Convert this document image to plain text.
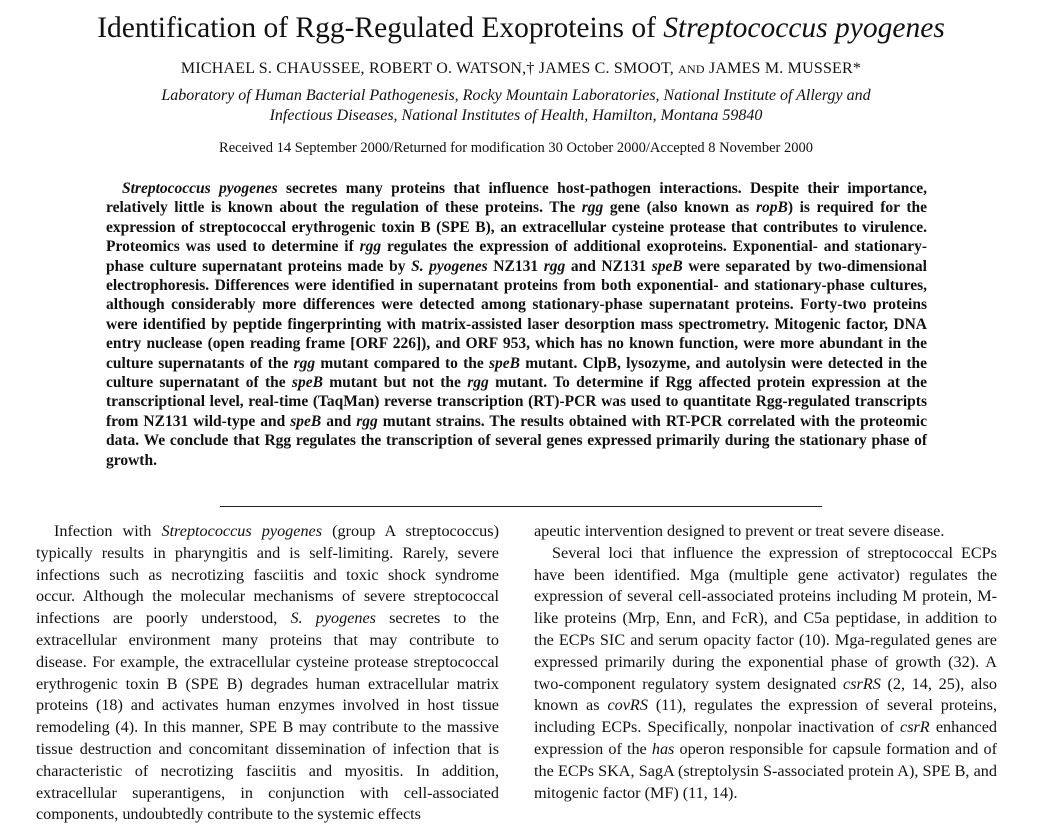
Identification of Rgg-Regulated Exoproteins of Streptococcus pyogenes
MICHAEL S. CHAUSSEE, ROBERT O. WATSON,† JAMES C. SMOOT, AND JAMES M. MUSSER*
Laboratory of Human Bacterial Pathogenesis, Rocky Mountain Laboratories, National Institute of Allergy and
Infectious Diseases, National Institutes of Health, Hamilton, Montana 59840
Received 14 September 2000/Returned for modification 30 October 2000/Accepted 8 November 2000
Streptococcus pyogenes secretes many proteins that influence host-pathogen interactions. Despite their importance, relatively little is known about the regulation of these proteins. The rgg gene (also known as ropB) is required for the expression of streptococcal erythrogenic toxin B (SPE B), an extracellular cysteine protease that contributes to virulence. Proteomics was used to determine if rgg regulates the expression of additional exoproteins. Exponential- and stationary-phase culture supernatant proteins made by S. pyogenes NZ131 rgg and NZ131 speB were separated by two-dimensional electrophoresis. Differences were identified in supernatant proteins from both exponential- and stationary-phase cultures, although considerably more differences were detected among stationary-phase supernatant proteins. Forty-two proteins were identified by peptide fingerprinting with matrix-assisted laser desorption mass spectrometry. Mitogenic factor, DNA entry nuclease (open reading frame [ORF 226]), and ORF 953, which has no known function, were more abundant in the culture supernatants of the rgg mutant compared to the speB mutant. ClpB, lysozyme, and autolysin were detected in the culture supernatant of the speB mutant but not the rgg mutant. To determine if Rgg affected protein expression at the transcriptional level, real-time (TaqMan) reverse transcription (RT)-PCR was used to quantitate Rgg-regulated transcripts from NZ131 wild-type and speB and rgg mutant strains. The results obtained with RT-PCR correlated with the proteomic data. We conclude that Rgg regulates the transcription of several genes expressed primarily during the stationary phase of growth.

Infection with Streptococcus pyogenes (group A streptococcus) typically results in pharyngitis and is self-limiting. Rarely, severe infections such as necrotizing fasciitis and toxic shock syndrome occur. Although the molecular mechanisms of severe streptococcal infections are poorly understood, S. pyogenes secretes to the extracellular environment many proteins that may contribute to disease. For example, the extracellular cysteine protease streptococcal erythrogenic toxin B (SPE B) degrades human extracellular matrix proteins (18) and activates human enzymes involved in host tissue remodeling (4). In this manner, SPE B may contribute to the massive tissue destruction and concomitant dissemination of infection that is characteristic of necrotizing fasciitis and myositis. In addition, extracellular superantigens, in conjunction with cell-associated components, undoubtedly contribute to the systemic effects

apeutic intervention designed to prevent or treat severe disease.

Several loci that influence the expression of streptococcal ECPs have been identified. Mga (multiple gene activator) regulates the expression of several cell-associated proteins including M protein, M-like proteins (Mrp, Enn, and FcR), and C5a peptidase, in addition to the ECPs SIC and serum opacity factor (10). Mga-regulated genes are expressed primarily during the exponential phase of growth (32). A two-component regulatory system designated csrRS (2, 14, 25), also known as covRS (11), regulates the expression of several proteins, including ECPs. Specifically, nonpolar inactivation of csrR enhanced expression of the has operon responsible for capsule formation and of the ECPs SKA, SagA (streptolysin S-associated protein A), SPE B, and mitogenic factor (MF) (11, 14).
